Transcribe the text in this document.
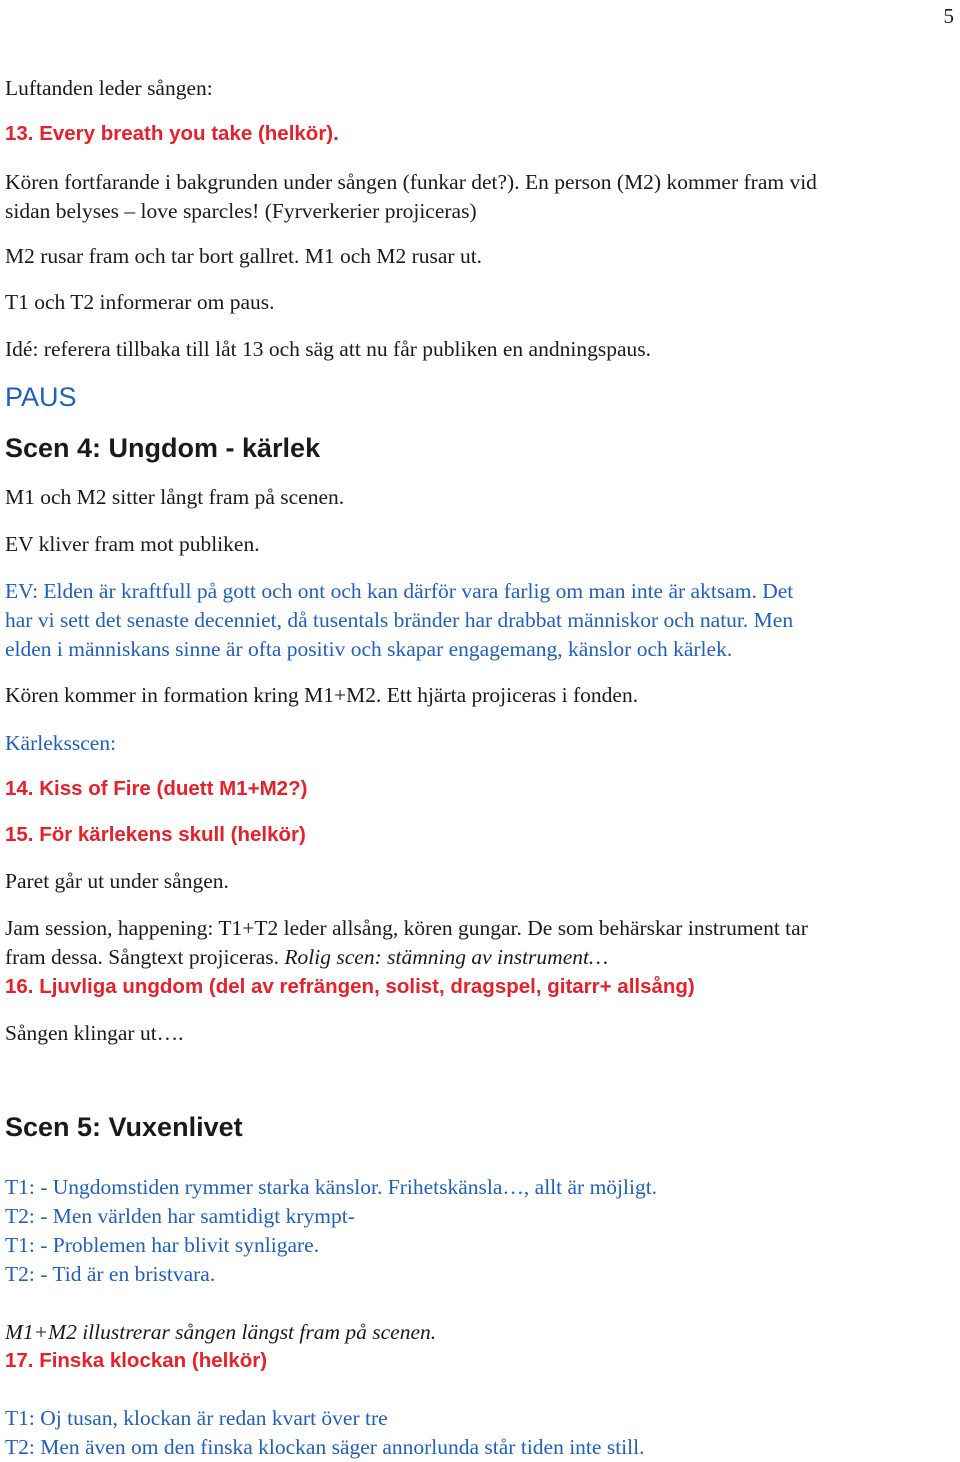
5
Luftanden leder sången:
13. Every breath you take (helkör).
Kören fortfarande i bakgrunden under sången (funkar det?). En person (M2) kommer fram vid
sidan belyses – love sparcles! (Fyrverkerier projiceras)
M2 rusar fram och tar bort gallret. M1 och M2 rusar ut.
T1 och T2 informerar om paus.
Idé: referera tillbaka till låt 13 och säg att nu får publiken en andningspaus.
PAUS
Scen 4: Ungdom - kärlek
M1 och M2 sitter långt fram på scenen.
EV kliver fram mot publiken.
EV: Elden är kraftfull på gott och ont och kan därför vara farlig om man inte är aktsam. Det
har vi sett det senaste decenniet, då tusentals bränder har drabbat människor och natur. Men
elden i människans sinne är ofta positiv och skapar engagemang, känslor och kärlek.
Kören kommer in formation kring M1+M2. Ett hjärta projiceras i fonden.
Kärleksscen:
14. Kiss of Fire (duett M1+M2?)
15. För kärlekens skull (helkör)
Paret går ut under sången.
Jam session, happening: T1+T2 leder allsång, kören gungar. De som behärskar instrument tar
fram dessa. Sångtext projiceras. Rolig scen: stämning av instrument…
16. Ljuvliga ungdom (del av refrängen, solist, dragspel, gitarr+ allsång)
Sången klingar ut….
Scen 5: Vuxenlivet
T1: - Ungdomstiden rymmer starka känslor. Frihetskänsla…, allt är möjligt.
T2: - Men världen har samtidigt krympt-
T1: - Problemen har blivit synligare.
T2: - Tid är en bristvara.
M1+M2 illustrerar sången längst fram på scenen.
17. Finska klockan (helkör)
T1: Oj tusan, klockan är redan kvart över tre
T2: Men även om den finska klockan säger annorlunda står tiden inte still.
